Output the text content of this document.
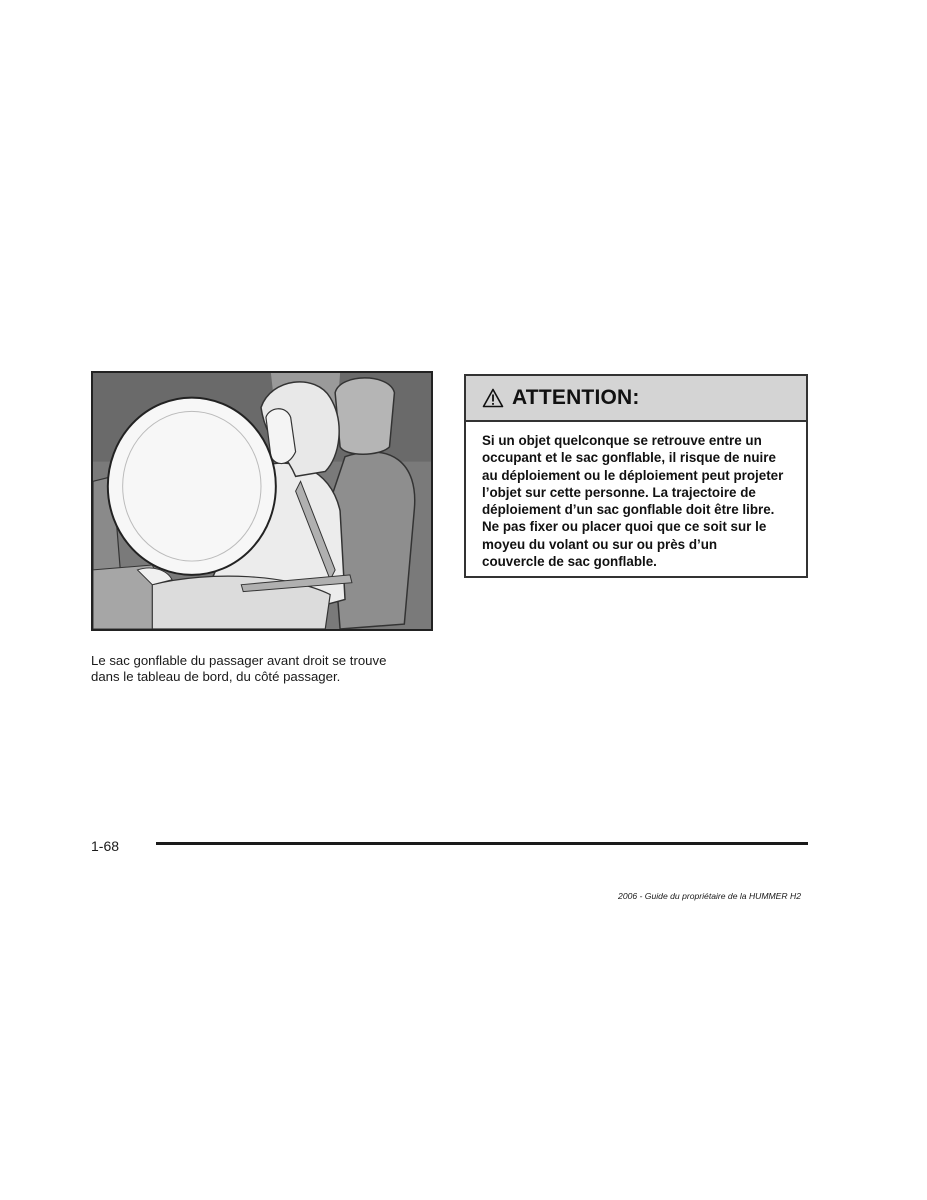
Le sac gonflable du passager avant droit se trouve
dans le tableau de bord, du côté passager.
ATTENTION:
Si un objet quelconque se retrouve entre un
occupant et le sac gonflable, il risque de nuire
au déploiement ou le déploiement peut projeter
l’objet sur cette personne. La trajectoire de
déploiement d’un sac gonflable doit être libre.
Ne pas fixer ou placer quoi que ce soit sur le
moyeu du volant ou sur ou près d’un
couvercle de sac gonflable.
1-68
2006 - Guide du propriétaire de la HUMMER H2
